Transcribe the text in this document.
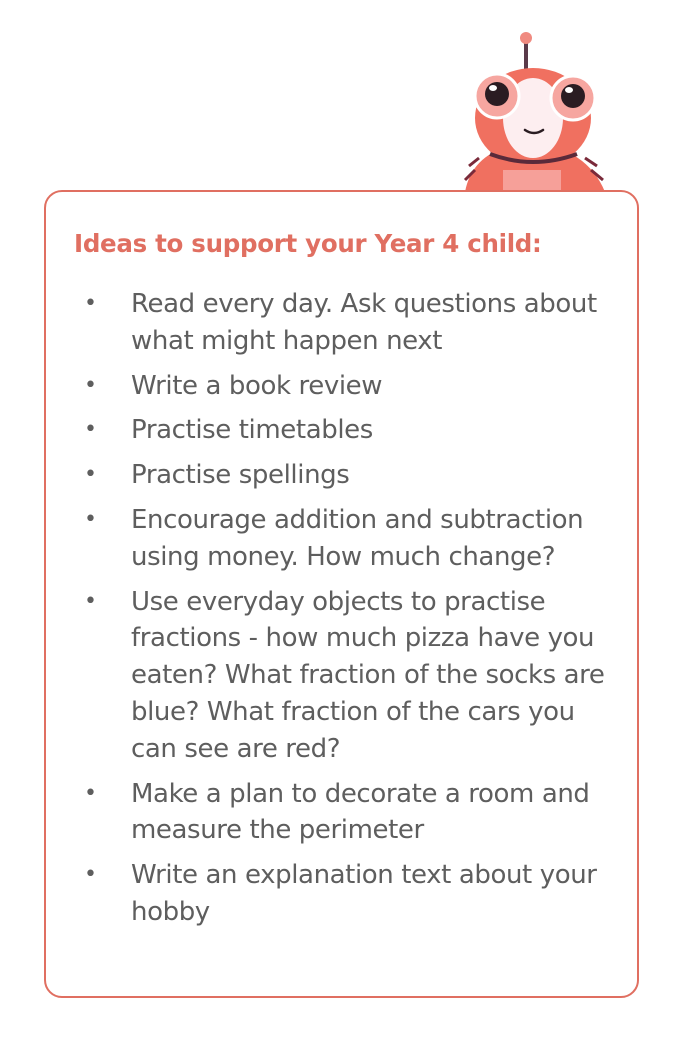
Ideas to support your Year 4 child:
• Read every day. Ask questions about what might happen next
• Write a book review
• Practise timetables
• Practise spellings
• Encourage addition and subtraction using money. How much change?
• Use everyday objects to practise fractions - how much pizza have you eaten? What fraction of the socks are blue? What fraction of the cars you can see are red?
• Make a plan to decorate a room and measure the perimeter
• Write an explanation text about your hobby
